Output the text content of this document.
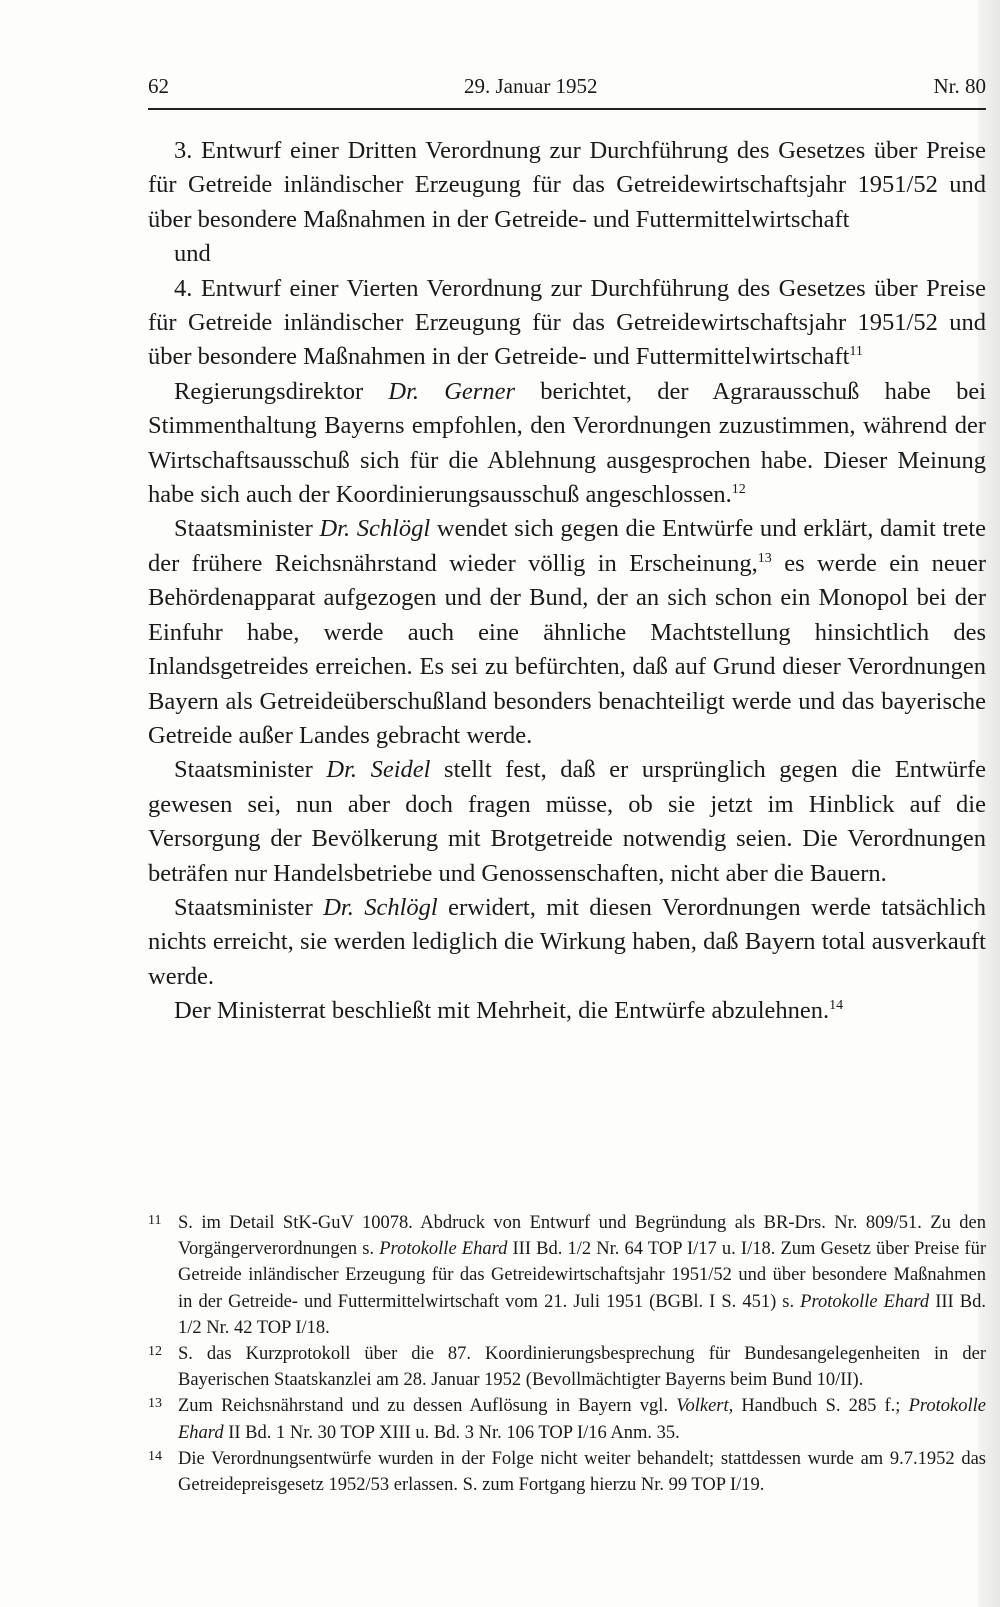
62	29. Januar 1952	Nr. 80

3. Entwurf einer Dritten Verordnung zur Durchführung des Gesetzes über Preise für Getreide inländischer Erzeugung für das Getreidewirtschaftsjahr 1951/52 und über besondere Maßnahmen in der Getreide- und Futtermittelwirtschaft

und

4. Entwurf einer Vierten Verordnung zur Durchführung des Gesetzes über Preise für Getreide inländischer Erzeugung für das Getreidewirtschaftsjahr 1951/52 und über besondere Maßnahmen in der Getreide- und Futtermittelwirtschaft$^{11}$

Regierungsdirektor Dr. Gerner berichtet, der Agrarausschuß habe bei Stimmenthaltung Bayerns empfohlen, den Verordnungen zuzustimmen, während der Wirtschaftsausschuß sich für die Ablehnung ausgesprochen habe. Dieser Meinung habe sich auch der Koordinierungsausschuß angeschlossen.$^{12}$

Staatsminister Dr. Schlögl wendet sich gegen die Entwürfe und erklärt, damit trete der frühere Reichsnährstand wieder völlig in Erscheinung,$^{13}$ es werde ein neuer Behördenapparat aufgezogen und der Bund, der an sich schon ein Monopol bei der Einfuhr habe, werde auch eine ähnliche Machtstellung hinsichtlich des Inlandsgetreides erreichen. Es sei zu befürchten, daß auf Grund dieser Verordnungen Bayern als Getreideüberschußland besonders benachteiligt werde und das bayerische Getreide außer Landes gebracht werde.

Staatsminister Dr. Seidel stellt fest, daß er ursprünglich gegen die Entwürfe gewesen sei, nun aber doch fragen müsse, ob sie jetzt im Hinblick auf die Versorgung der Bevölkerung mit Brotgetreide notwendig seien. Die Verordnungen beträfen nur Handelsbetriebe und Genossenschaften, nicht aber die Bauern.

Staatsminister Dr. Schlögl erwidert, mit diesen Verordnungen werde tatsächlich nichts erreicht, sie werden lediglich die Wirkung haben, daß Bayern total ausverkauft werde.

Der Ministerrat beschließt mit Mehrheit, die Entwürfe abzulehnen.$^{14}$

11 S. im Detail StK-GuV 10078. Abdruck von Entwurf und Begründung als BR-Drs. Nr. 809/51. Zu den Vorgängerverordnungen s. Protokolle Ehard III Bd. 1/2 Nr. 64 TOP I/17 u. I/18. Zum Gesetz über Preise für Getreide inländischer Erzeugung für das Getreidewirtschaftsjahr 1951/52 und über besondere Maßnahmen in der Getreide- und Futtermittelwirtschaft vom 21. Juli 1951 (BGBl. I S. 451) s. Protokolle Ehard III Bd. 1/2 Nr. 42 TOP I/18.
12 S. das Kurzprotokoll über die 87. Koordinierungsbesprechung für Bundesangelegenheiten in der Bayerischen Staatskanzlei am 28. Januar 1952 (Bevollmächtigter Bayerns beim Bund 10/II).
13 Zum Reichsnährstand und zu dessen Auflösung in Bayern vgl. Volkert, Handbuch S. 285 f.; Protokolle Ehard II Bd. 1 Nr. 30 TOP XIII u. Bd. 3 Nr. 106 TOP I/16 Anm. 35.
14 Die Verordnungsentwürfe wurden in der Folge nicht weiter behandelt; stattdessen wurde am 9.7.1952 das Getreidepreisgesetz 1952/53 erlassen. S. zum Fortgang hierzu Nr. 99 TOP I/19.
